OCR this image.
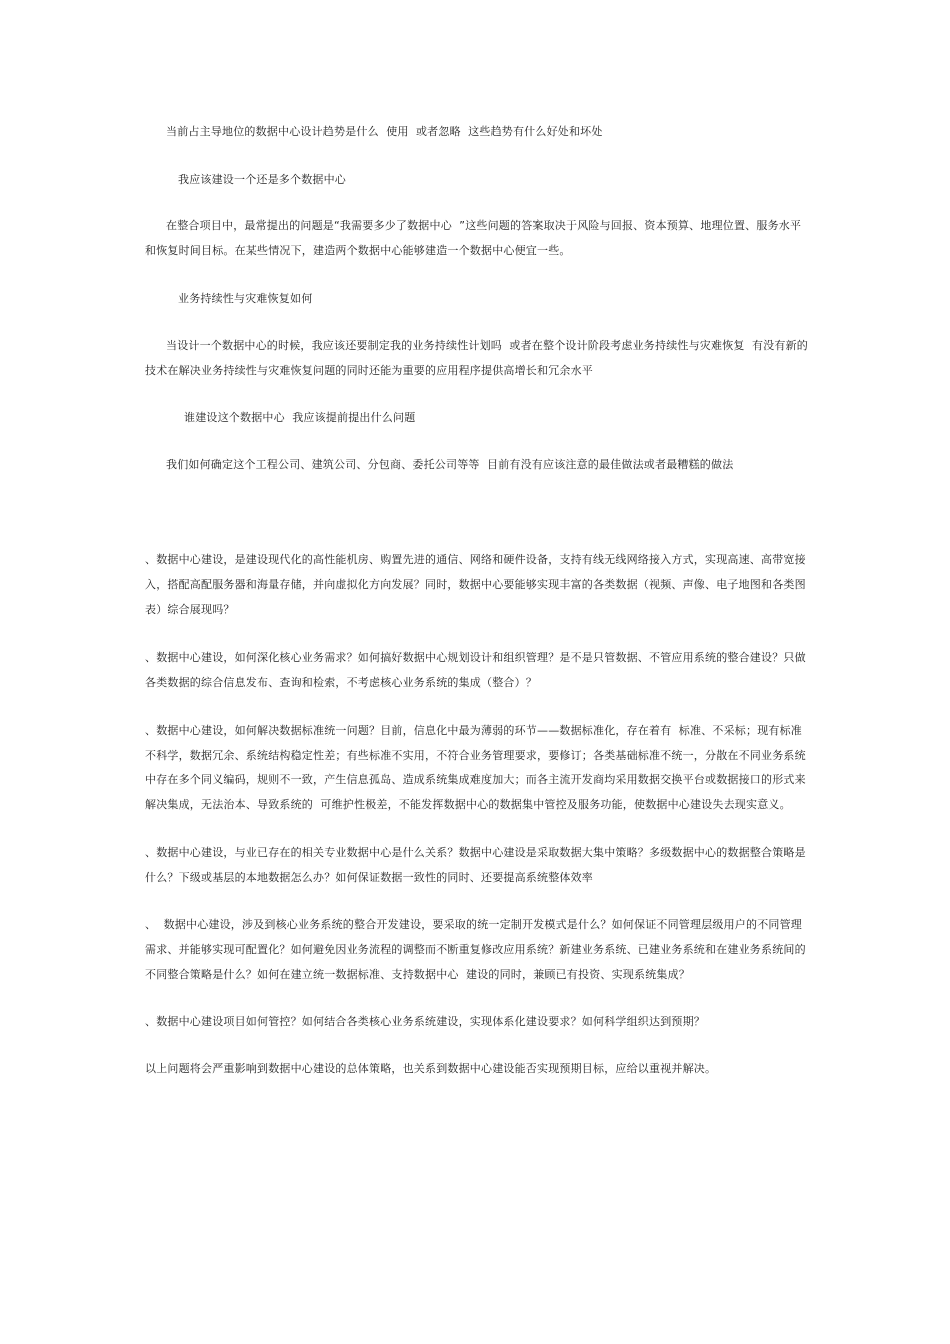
当前占主导地位的数据中心设计趋势是什么  使用  或者忽略  这些趋势有什么好处和坏处
我应该建设一个还是多个数据中心
在整合项目中，最常提出的问题是“我需要多少了数据中心  ”这些问题的答案取决于风险与回报、资本预算、地理位置、服务水平
和恢复时间目标。在某些情况下，建造两个数据中心能够建造一个数据中心便宜一些。
业务持续性与灾难恢复如何
当设计一个数据中心的时候，我应该还要制定我的业务持续性计划吗  或者在整个设计阶段考虑业务持续性与灾难恢复  有没有新的
技术在解决业务持续性与灾难恢复问题的同时还能为重要的应用程序提供高增长和冗余水平
谁建设这个数据中心  我应该提前提出什么问题
我们如何确定这个工程公司、建筑公司、分包商、委托公司等等  目前有没有应该注意的最佳做法或者最糟糕的做法
、数据中心建设，是建设现代化的高性能机房、购置先进的通信、网络和硬件设备，支持有线无线网络接入方式，实现高速、高带宽接
入，搭配高配服务器和海量存储，并向虚拟化方向发展？同时，数据中心要能够实现丰富的各类数据（视频、声像、电子地图和各类图
表）综合展现吗？
、数据中心建设，如何深化核心业务需求？如何搞好数据中心规划设计和组织管理？是不是只管数据、不管应用系统的整合建设？只做
各类数据的综合信息发布、查询和检索，不考虑核心业务系统的集成（整合）？
、数据中心建设，如何解决数据标准统一问题？目前，信息化中最为薄弱的环节——数据标准化，存在着有  标准、不采标；现有标准
不科学，数据冗余、系统结构稳定性差；有些标准不实用，不符合业务管理要求，要修订；各类基础标准不统一，分散在不同业务系统
中存在多个同义编码，规则不一致，产生信息孤岛、造成系统集成难度加大；而各主流开发商均采用数据交换平台或数据接口的形式来
解决集成，无法治本、导致系统的  可维护性极差，不能发挥数据中心的数据集中管控及服务功能，使数据中心建设失去现实意义。
、数据中心建设，与业已存在的相关专业数据中心是什么关系？数据中心建设是采取数据大集中策略？多级数据中心的数据整合策略是
什么？下级或基层的本地数据怎么办？如何保证数据一致性的同时、还要提高系统整体效率
、  数据中心建设，涉及到核心业务系统的整合开发建设，要采取的统一定制开发模式是什么？如何保证不同管理层级用户的不同管理
需求、并能够实现可配置化？如何避免因业务流程的调整而不断重复修改应用系统？新建业务系统、已建业务系统和在建业务系统间的
不同整合策略是什么？如何在建立统一数据标准、支持数据中心  建设的同时，兼顾已有投资、实现系统集成？
、数据中心建设项目如何管控？如何结合各类核心业务系统建设，实现体系化建设要求？如何科学组织达到预期？
以上问题将会严重影响到数据中心建设的总体策略，也关系到数据中心建设能否实现预期目标，应给以重视并解决。
